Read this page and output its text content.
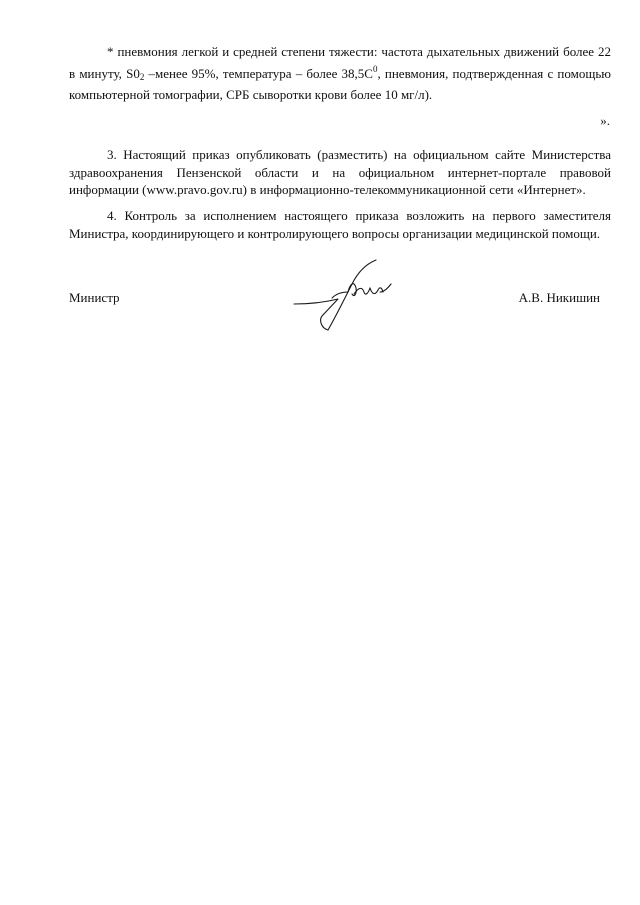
* пневмония легкой и средней степени тяжести: частота дыхательных движений более 22 в минуту, $S0_2$ –менее 95%, температура – более $38,5С^0$, пневмония, подтвержденная с помощью компьютерной томографии, СРБ сыворотки крови более 10 мг/л).

».

3. Настоящий приказ опубликовать (разместить) на официальном сайте Министерства здравоохранения Пензенской области и на официальном интернет-портале правовой информации (www.pravo.gov.ru) в информационно-телекоммуникационной сети «Интернет».

4. Контроль за исполнением настоящего приказа возложить на первого заместителя Министра, координирующего и контролирующего вопросы организации медицинской помощи.

Министр	А.В. Никишин
